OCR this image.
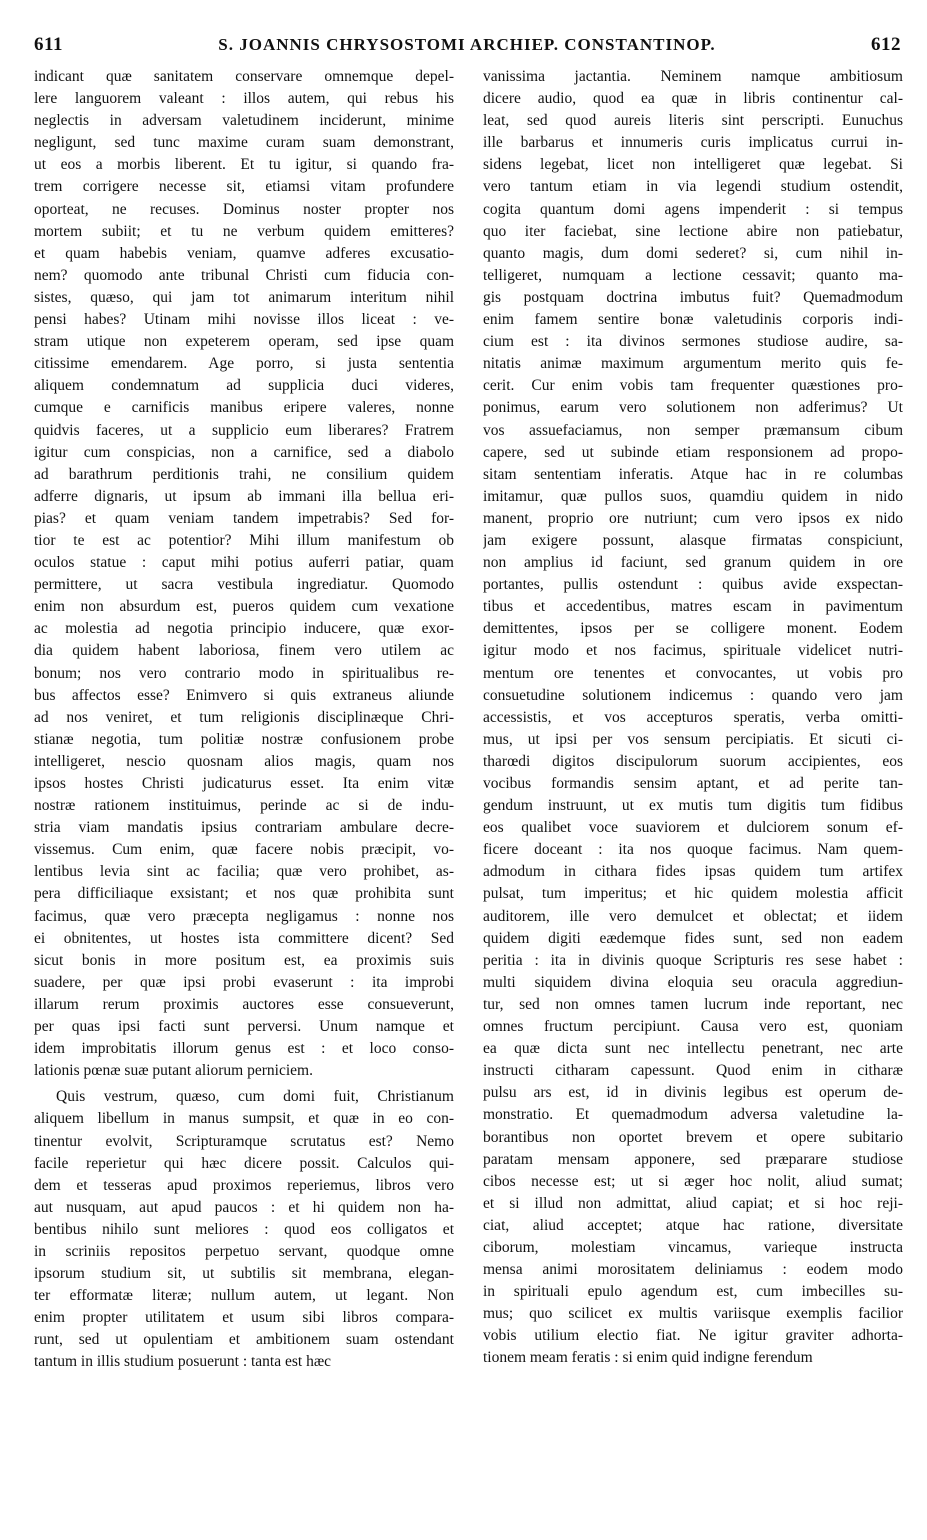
611	S. JOANNIS CHRYSOSTOMI ARCHIEP. CONSTANTINOP.	612
indicant quæ sanitatem conservare omnemque depel-
lere languorem valeant : illos autem, qui rebus his
neglectis in adversam valetudinem inciderunt, minime
negligunt, sed tunc maxime curam suam demonstrant,
ut eos a morbis liberent. Et tu igitur, si quando fra-
trem corrigere necesse sit, etiamsi vitam profundere
oporteat, ne recuses. Dominus noster propter nos
mortem subiit; et tu ne verbum quidem emitteres?
et quam habebis veniam, quamve adferes excusatio-
nem? quomodo ante tribunal Christi cum fiducia con-
sistes, quæso, qui jam tot animarum interitum nihil
pensi habes? Utinam mihi novisse illos liceat : ve-
stram utique non expeterem operam, sed ipse quam
citissime emendarem. Age porro, si justa sententia
aliquem condemnatum ad supplicia duci videres,
cumque e carnificis manibus eripere valeres, nonne
quidvis faceres, ut a supplicio eum liberares? Fratrem
igitur cum conspicias, non a carnifice, sed a diabolo
ad barathrum perditionis trahi, ne consilium quidem
adferre dignaris, ut ipsum ab immani illa bellua eri-
pias? et quam veniam tandem impetrabis? Sed for-
tior te est ac potentior? Mihi illum manifestum ob
oculos statue : caput mihi potius auferri patiar, quam
permittere, ut sacra vestibula ingrediatur. Quomodo
enim non absurdum est, pueros quidem cum vexatione
ac molestia ad negotia principio inducere, quæ exor-
dia quidem habent laboriosa, finem vero utilem ac
bonum; nos vero contrario modo in spiritualibus re-
bus affectos esse? Enimvero si quis extraneus aliunde
ad nos veniret, et tum religionis disciplinæque Chri-
stianæ negotia, tum politiæ nostræ confusionem probe
intelligeret, nescio quosnam alios magis, quam nos
ipsos hostes Christi judicaturus esset. Ita enim vitæ
nostræ rationem instituimus, perinde ac si de indu-
stria viam mandatis ipsius contrariam ambulare decre-
vissemus. Cum enim, quæ facere nobis præcipit, vo-
lentibus levia sint ac facilia; quæ vero prohibet, as-
pera difficiliaque exsistant; et nos quæ prohibita sunt
facimus, quæ vero præcepta negligamus : nonne nos
ei obnitentes, ut hostes ista committere dicent? Sed
sicut bonis in more positum est, ea proximis suis
suadere, per quæ ipsi probi evaserunt : ita improbi
illarum rerum proximis auctores esse consueverunt,
per quas ipsi facti sunt perversi. Unum namque et
idem improbitatis illorum genus est : et loco conso-
lationis pœnæ suæ putant aliorum perniciem.
Quis vestrum, quæso, cum domi fuit, Christianum
aliquem libellum in manus sumpsit, et quæ in eo con-
tinentur evolvit, Scripturamque scrutatus est? Nemo
facile reperietur qui hæc dicere possit. Calculos qui-
dem et tesseras apud proximos reperiemus, libros vero
aut nusquam, aut apud paucos : et hi quidem non ha-
bentibus nihilo sunt meliores : quod eos colligatos et
in scriniis repositos perpetuo servant, quodque omne
ipsorum studium sit, ut subtilis sit membrana, elegan-
ter efformatæ literæ; nullum autem, ut legant. Non
enim propter utilitatem et usum sibi libros compara-
runt, sed ut opulentiam et ambitionem suam ostendant
tantum in illis studium posuerunt : tanta est hæc
vanissima jactantia. Neminem namque ambitiosum
dicere audio, quod ea quæ in libris continentur cal-
leat, sed quod aureis literis sint perscripti. Eunuchus
ille barbarus et innumeris curis implicatus currui in-
sidens legebat, licet non intelligeret quæ legebat. Si
vero tantum etiam in via legendi studium ostendit,
cogita quantum domi agens impenderit : si tempus
quo iter faciebat, sine lectione abire non patiebatur,
quanto magis, dum domi sederet? si, cum nihil in-
telligeret, numquam a lectione cessavit; quanto ma-
gis postquam doctrina imbutus fuit? Quemadmodum
enim famem sentire bonæ valetudinis corporis indi-
cium est : ita divinos sermones studiose audire, sa-
nitatis animæ maximum argumentum merito quis fe-
cerit. Cur enim vobis tam frequenter quæstiones pro-
ponimus, earum vero solutionem non adferimus? Ut
vos assuefaciamus, non semper præmansum cibum
capere, sed ut subinde etiam responsionem ad propo-
sitam sententiam inferatis. Atque hac in re columbas
imitamur, quæ pullos suos, quamdiu quidem in nido
manent, proprio ore nutriunt; cum vero ipsos ex nido
jam exigere possunt, alasque firmatas conspiciunt,
non amplius id faciunt, sed granum quidem in ore
portantes, pullis ostendunt : quibus avide exspectan-
tibus et accedentibus, matres escam in pavimentum
demittentes, ipsos per se colligere monent. Eodem
igitur modo et nos facimus, spirituale videlicet nutri-
mentum ore tenentes et convocantes, ut vobis pro
consuetudine solutionem indicemus : quando vero jam
accessistis, et vos accepturos speratis, verba omitti-
mus, ut ipsi per vos sensum percipiatis. Et sicuti ci-
tharœdi digitos discipulorum suorum accipientes, eos
vocibus formandis sensim aptant, et ad perite tan-
gendum instruunt, ut ex mutis tum digitis tum fidibus
eos qualibet voce suaviorem et dulciorem sonum ef-
ficere doceant : ita nos quoque facimus. Nam quem-
admodum in cithara fides ipsas quidem tum artifex
pulsat, tum imperitus; et hic quidem molestia afficit
auditorem, ille vero demulcet et oblectat; et iidem
quidem digiti eædemque fides sunt, sed non eadem
peritia : ita in divinis quoque Scripturis res sese habet :
multi siquidem divina eloquia seu oracula aggrediun-
tur, sed non omnes tamen lucrum inde reportant, nec
omnes fructum percipiunt. Causa vero est, quoniam
ea quæ dicta sunt nec intellectu penetrant, nec arte
instructi citharam capessunt. Quod enim in citharæ
pulsu ars est, id in divinis legibus est operum de-
monstratio. Et quemadmodum adversa valetudine la-
borantibus non oportet brevem et opere subitario
paratam mensam apponere, sed præparare studiose
cibos necesse est; ut si æger hoc nolit, aliud sumat;
et si illud non admittat, aliud capiat; et si hoc reji-
ciat, aliud acceptet; atque hac ratione, diversitate
ciborum, molestiam vincamus, varieque instructa
mensa animi morositatem deliniamus : eodem modo
in spirituali epulo agendum est, cum imbecilles su-
mus; quo scilicet ex multis variisque exemplis facilior
vobis utilium electio fiat. Ne igitur graviter adhorta-
tionem meam feratis : si enim quid indigne ferendum
